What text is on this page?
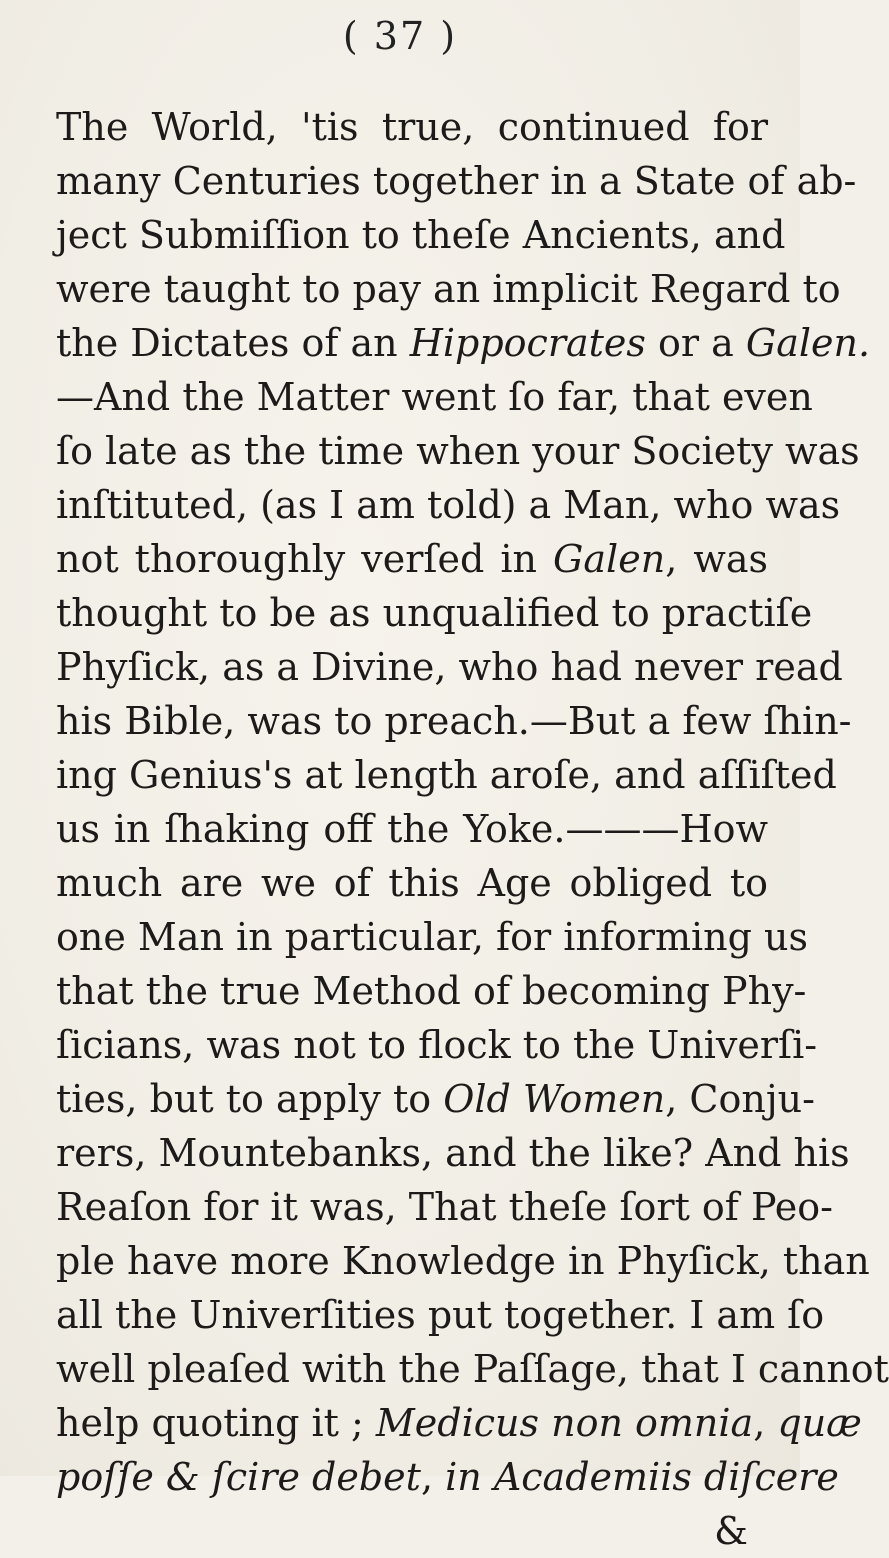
( 37 )
The World, 'tis true, continued for
many Centuries together in a State of ab-
ject Submiſſion to theſe Ancients, and
were taught to pay an implicit Regard to
the Dictates of an Hippocrates or a Galen.
—And the Matter went ſo far, that even
ſo late as the time when your Society was
inſtituted, (as I am told) a Man, who was
not thoroughly verſed in Galen, was
thought to be as unqualified to practiſe
Phyſick, as a Divine, who had never read
his Bible, was to preach.—But a few ſhin-
ing Genius's at length aroſe, and aſſiſted
us in ſhaking off the Yoke.———How
much are we of this Age obliged to
one Man in particular, for informing us
that the true Method of becoming Phy-
ſicians, was not to flock to the Univerſi-
ties, but to apply to Old Women, Conju-
rers, Mountebanks, and the like? And his
Reaſon for it was, That theſe ſort of Peo-
ple have more Knowledge in Phyſick, than
all the Univerſities put together. I am ſo
well pleaſed with the Paſſage, that I cannot
help quoting it ; Medicus non omnia, quæ
poſſe & ſcire debet, in Academiis diſcere
&
